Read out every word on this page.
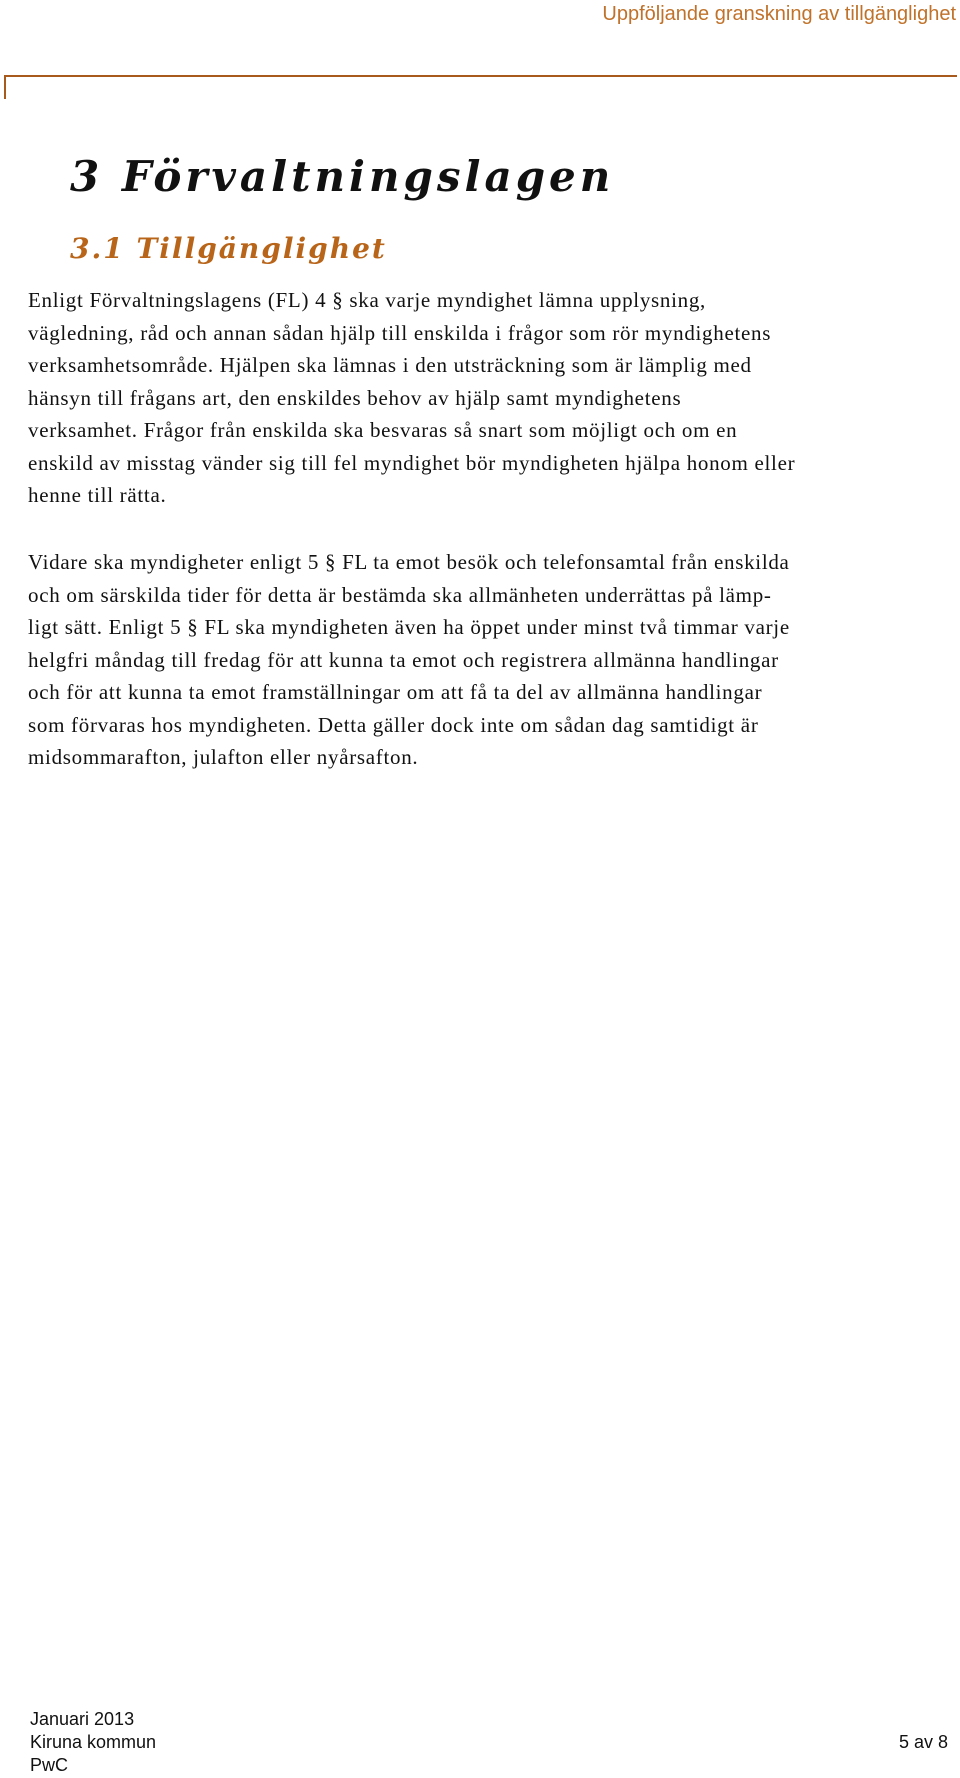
Uppföljande granskning av tillgänglighet
3 Förvaltningslagen
3.1 Tillgänglighet

Enligt Förvaltningslagens (FL) 4 § ska varje myndighet lämna upplysning,
vägledning, råd och annan sådan hjälp till enskilda i frågor som rör myndighetens
verksamhetsområde. Hjälpen ska lämnas i den utsträckning som är lämplig med
hänsyn till frågans art, den enskildes behov av hjälp samt myndighetens
verksamhet. Frågor från enskilda ska besvaras så snart som möjligt och om en
enskild av misstag vänder sig till fel myndighet bör myndigheten hjälpa honom eller
henne till rätta.

Vidare ska myndigheter enligt 5 § FL ta emot besök och telefonsamtal från enskilda
och om särskilda tider för detta är bestämda ska allmänheten underrättas på lämp-
ligt sätt. Enligt 5 § FL ska myndigheten även ha öppet under minst två timmar varje
helgfri måndag till fredag för att kunna ta emot och registrera allmänna handlingar
och för att kunna ta emot framställningar om att få ta del av allmänna handlingar
som förvaras hos myndigheten. Detta gäller dock inte om sådan dag samtidigt är
midsommarafton, julafton eller nyårsafton.

Januari 2013
Kiruna kommun
PwC
5 av 8
